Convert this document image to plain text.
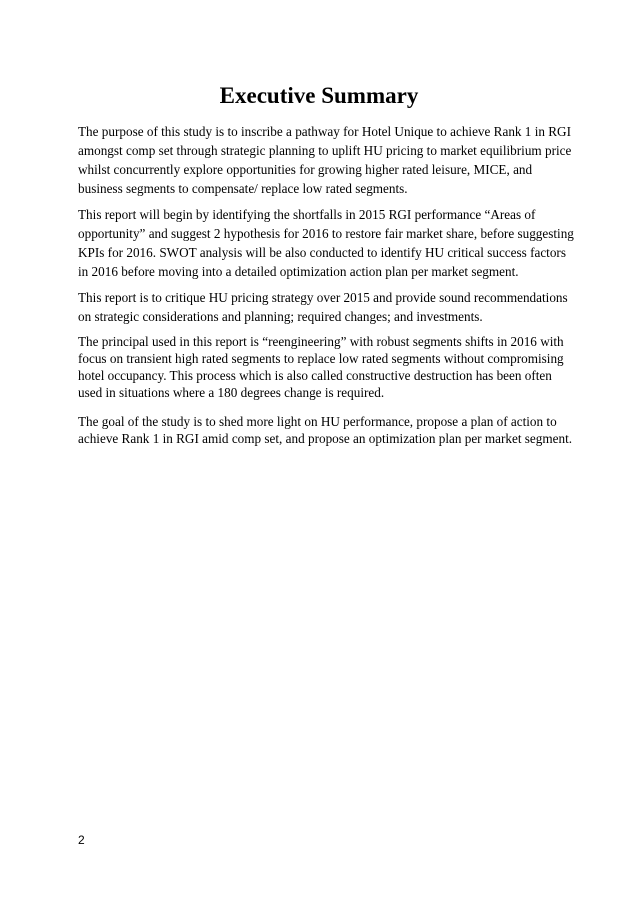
Executive Summary

The purpose of this study is to inscribe a pathway for Hotel Unique to achieve Rank 1 in RGI
amongst comp set through strategic planning to uplift HU pricing to market equilibrium price
whilst concurrently explore opportunities for growing higher rated leisure, MICE, and
business segments to compensate/ replace low rated segments.

This report will begin by identifying the shortfalls in 2015 RGI performance “Areas of
opportunity” and suggest 2 hypothesis for 2016 to restore fair market share, before suggesting
KPIs for 2016. SWOT analysis will be also conducted to identify HU critical success factors
in 2016 before moving into a detailed optimization action plan per market segment.

This report is to critique HU pricing strategy over 2015 and provide sound recommendations
on strategic considerations and planning; required changes; and investments.

The principal used in this report is “reengineering” with robust segments shifts in 2016 with
focus on transient high rated segments to replace low rated segments without compromising
hotel occupancy. This process which is also called constructive destruction has been often
used in situations where a 180 degrees change is required.

The goal of the study is to shed more light on HU performance, propose a plan of action to
achieve Rank 1 in RGI amid comp set, and propose an optimization plan per market segment.

2
